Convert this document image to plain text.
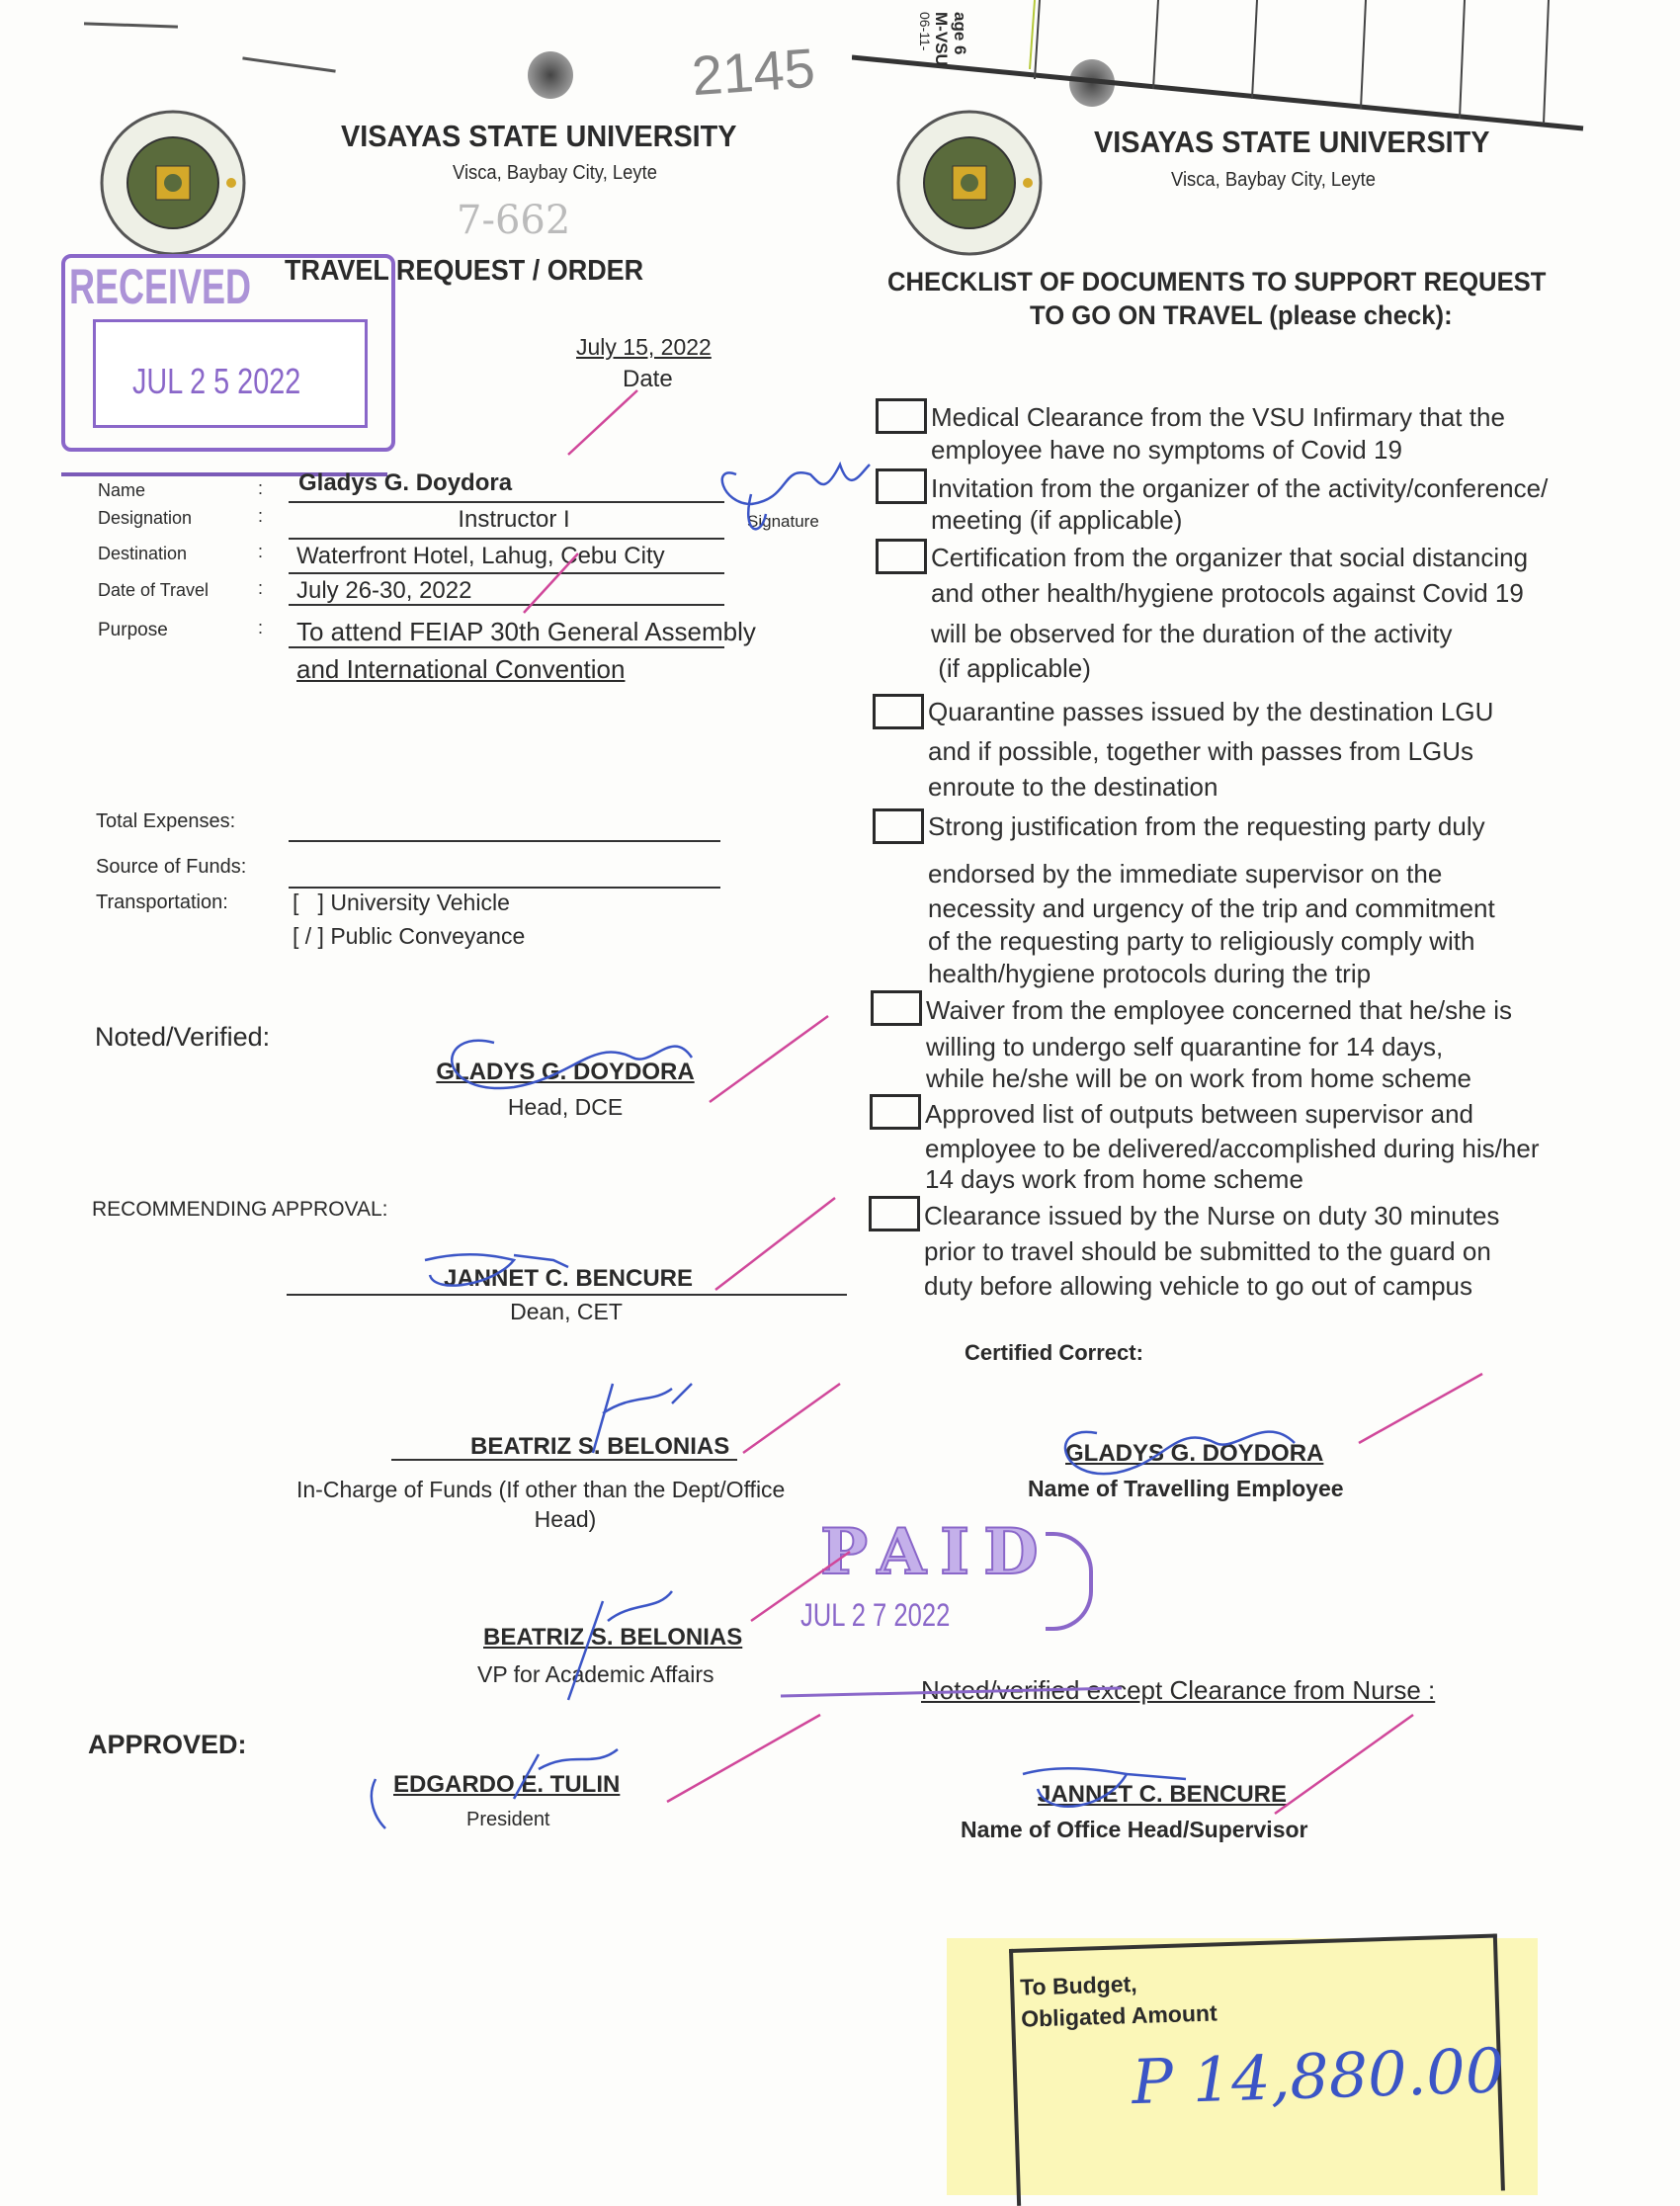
2145
7-662
age 6
M-VSU
06-11-
VISAYAS STATE UNIVERSITY
Visca, Baybay City, Leyte
VISAYAS STATE UNIVERSITY
Visca, Baybay City, Leyte
RECEIVED
JUL 2 5 2022
TRAVEL REQUEST / ORDER
July 15, 2022
Date
Name	: Gladys G. Doydora
Designation	:	Instructor I
Destination	: Waterfront Hotel, Lahug, Cebu City
Date of Travel	: July 26-30, 2022
Purpose	: To attend FEIAP 30th General Assembly
and International Convention
Signature
Total Expenses:
Source of Funds:
Transportation:	[   ] University Vehicle
[ / ] Public Conveyance
Noted/Verified:
GLADYS G. DOYDORA
Head, DCE
RECOMMENDING APPROVAL:
JANNET C. BENCURE
Dean, CET
BEATRIZ S. BELONIAS
In-Charge of Funds (If other than the Dept/Office
Head)
BEATRIZ S. BELONIAS
VP for Academic Affairs
APPROVED:
EDGARDO E. TULIN
President
CHECKLIST OF DOCUMENTS TO SUPPORT REQUEST
TO GO ON TRAVEL (please check):
Medical Clearance from the VSU Infirmary that the
employee have no symptoms of Covid 19
Invitation from the organizer of the activity/conference/
meeting (if applicable)
Certification from the organizer that social distancing
and other health/hygiene protocols against Covid 19
will be observed for the duration of the activity
(if applicable)
Quarantine passes issued by the destination LGU
and if possible, together with passes from LGUs
enroute to the destination
Strong justification from the requesting party duly
endorsed by the immediate supervisor on the
necessity and urgency of the trip and commitment
of the requesting party to religiously comply with
health/hygiene protocols during the trip
Waiver from the employee concerned that he/she is
willing to undergo self quarantine for 14 days,
while he/she will be on work from home scheme
Approved list of outputs between supervisor and
employee to be delivered/accomplished during his/her
14 days work from home scheme
Clearance issued by the Nurse on duty 30 minutes
prior to travel should be submitted to the guard on
duty before allowing vehicle to go out of campus
Certified Correct:
GLADYS G. DOYDORA
Name of Travelling Employee
PAID
JUL 2 7 2022
Noted/verified except Clearance from Nurse :
JANNET C. BENCURE
Name of Office Head/Supervisor
To Budget,
Obligated Amount
P 14,880.00
